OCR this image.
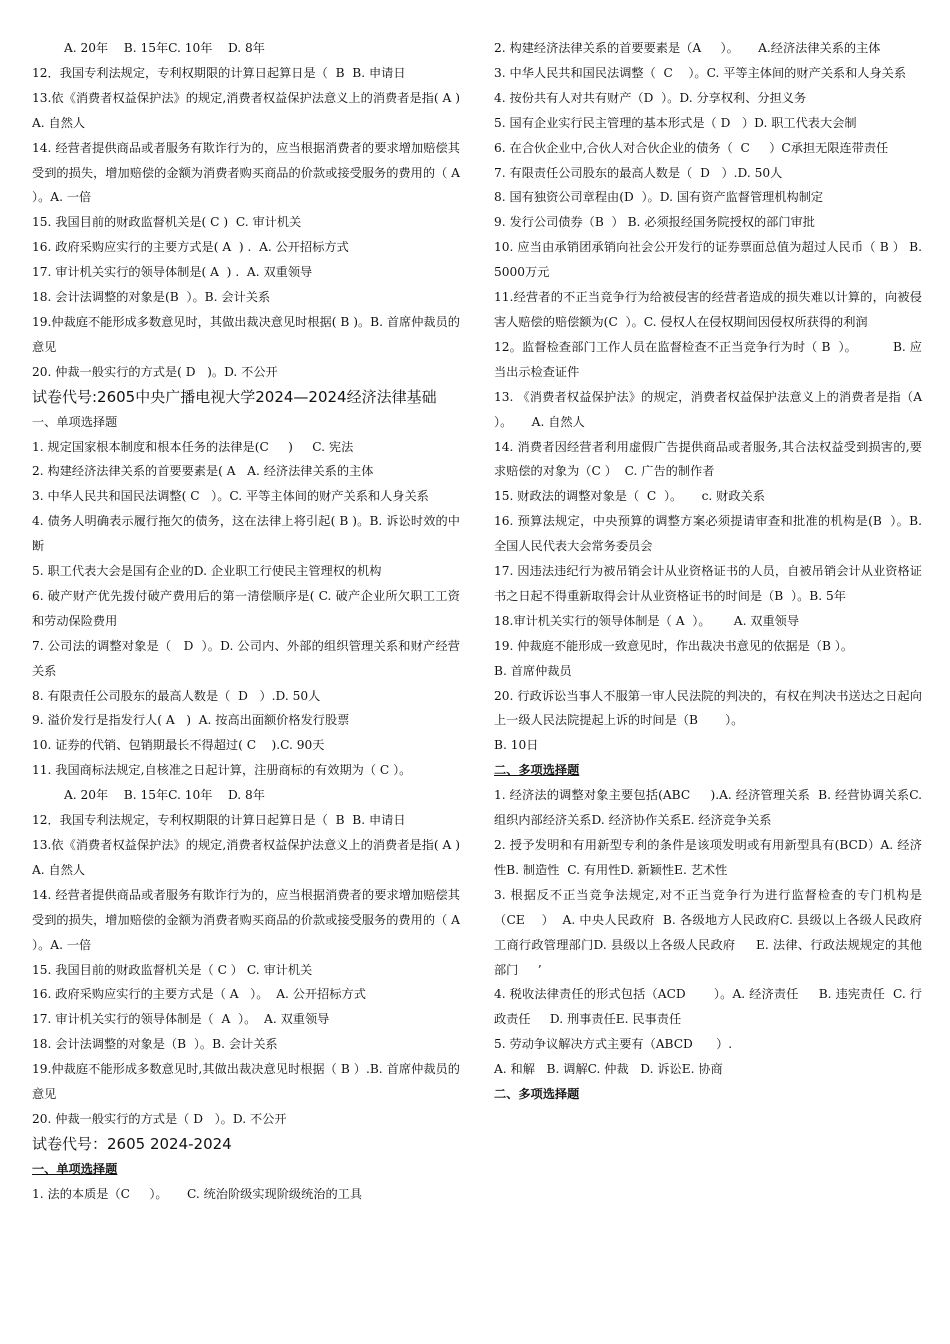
A. 20年    B. 15年C. 10年    D. 8年

12．我国专利法规定，专利权期限的计算日起算日是（  B  B. 申请日

13.依《消费者权益保护法》的规定,消费者权益保护法意义上的消费者是指( A ) A. 自然人

14. 经营者提供商品或者服务有欺诈行为的，应当根据消费者的要求增加赔偿其受到的损失，增加赔偿的金额为消费者购买商品的价款或接受服务的费用的（ A  ）。A. 一倍

15. 我国目前的财政监督机关是( C )  C. 审计机关

16. 政府采购应实行的主要方式是( A  ) .  A. 公开招标方式

17. 审计机关实行的领导体制是( A  ) .  A. 双重领导

18. 会计法调整的对象是(B  ）。B. 会计关系

19.仲裁庭不能形成多数意见时，其做出裁决意见时根据( B )。B. 首席仲裁员的意见

20. 仲裁一般实行的方式是( D   )。D. 不公开

试卷代号:2605中央广播电视大学2024—2024经济法律基础

一、单项选择题

1. 规定国家根本制度和根本任务的法律是(C     )     C. 宪法

2. 构建经济法律关系的首要要素是( A   A. 经济法律关系的主体

3. 中华人民共和国民法调整( C   ）。C. 平等主体间的财产关系和人身关系

4. 债务人明确表示履行拖欠的债务，这在法律上将引起( B )。B. 诉讼时效的中断

5. 职工代表大会是国有企业的D. 企业职工行使民主管理权的机构

6. 破产财产优先拨付破产费用后的第一清偿顺序是( C. 破产企业所欠职工工资和劳动保险费用

7. 公司法的调整对象是（   D  ）。D. 公司内、外部的组织管理关系和财产经营关系

8. 有限责任公司股东的最高人数是（  D   ）.D. 50人

9. 溢价发行是指发行人( A   )  A. 按高出面额价格发行股票

10. 证券的代销、包销期最长不得超过( C    ).C. 90天

11. 我国商标法规定,自核准之日起计算，注册商标的有效期为（ C ）。

A. 20年    B. 15年C. 10年    D. 8年

12．我国专利法规定，专利权期限的计算日起算日是（  B  B. 申请日

13.依《消费者权益保护法》的规定,消费者权益保护法意义上的消费者是指( A ) A. 自然人

14. 经营者提供商品或者服务有欺诈行为的，应当根据消费者的要求增加赔偿其受到的损失，增加赔偿的金额为消费者购买商品的价款或接受服务的费用的（ A  ）。A. 一倍

15. 我国目前的财政监督机关是（ C ） C. 审计机关

16. 政府采购应实行的主要方式是（ A   ）。  A. 公开招标方式

17. 审计机关实行的领导体制是（  A  ）。  A. 双重领导

18. 会计法调整的对象是（B  ）。B. 会计关系

19.仲裁庭不能形成多数意见时,其做出裁决意见时根据（ B ）.B. 首席仲裁员的意见

20. 仲裁一般实行的方式是（ D   ）。D. 不公开

试卷代号：2605 2024-2024

一、单项选择题

1. 法的本质是（C     ）。     C. 统治阶级实现阶级统治的工具

2. 构建经济法律关系的首要要素是（A     ）。     A.经济法律关系的主体

3. 中华人民共和国民法调整（  C    ）。C. 平等主体间的财产关系和人身关系

4. 按份共有人对共有财产（D  ）。D. 分享权利、分担义务

5. 国有企业实行民主管理的基本形式是（ D   ）D. 职工代表大会制

6. 在合伙企业中,合伙人对合伙企业的债务（  C     ）C承担无限连带责任

7. 有限责任公司股东的最高人数是（  D   ）.D. 50人

8. 国有独资公司章程由(D  ）。D. 国有资产监督管理机构制定

9. 发行公司债券（B  ） B. 必须报经国务院授权的部门审批

10. 应当由承销团承销向社会公开发行的证券票面总值为超过人民币（ B ） B. 5000万元

11.经营者的不正当竞争行为给被侵害的经营者造成的损失难以计算的，向被侵害人赔偿的赔偿额为(C  ）。C. 侵权人在侵权期间因侵权所获得的利润

12。监督检查部门工作人员在监督检查不正当竞争行为时（ B  ）。         B. 应当出示检查证件

13. 《消费者权益保护法》的规定，消费者权益保护法意义上的消费者是指（A  ）。     A. 自然人

14. 消费者因经营者利用虚假广告提供商品或者服务,其合法权益受到损害的,要求赔偿的对象为（C ）  C. 广告的制作者

15. 财政法的调整对象是（  C  ）。     c. 财政关系

16. 预算法规定，中央预算的调整方案必须提请审查和批准的机构是(B  ）。B. 全国人民代表大会常务委员会

17. 因违法违纪行为被吊销会计从业资格证书的人员，自被吊销会计从业资格证书之日起不得重新取得会计从业资格证书的时间是（B  ）。B. 5年

18.审计机关实行的领导体制是（ A  ）。      A. 双重领导

19. 仲裁庭不能形成一致意见时，作出裁决书意见的依据是（B ）。

B. 首席仲裁员

20. 行政诉讼当事人不服第一审人民法院的判决的，有权在判决书送达之日起向上一级人民法院提起上诉的时间是（B       ）。

B. 10日

二、多项选择题

1. 经济法的调整对象主要包括(ABC     ).A. 经济管理关系  B. 经营协调关系C. 组织内部经济关系D. 经济协作关系E. 经济竞争关系

2. 授予发明和有用新型专利的条件是该项发明或有用新型具有(BCD）A. 经济性B. 制造性  C. 有用性D. 新颖性E. 艺术性

3. 根据反不正当竞争法规定,对不正当竞争行为进行监督检查的专门机构是     （CE    ）  A. 中央人民政府  B. 各级地方人民政府C. 县级以上各级人民政府工商行政管理部门D. 县级以上各级人民政府     E. 法律、行政法规规定的其他部门     ’

4. 税收法律责任的形式包括（ACD       ）。A. 经济责任     B. 违宪责任  C. 行政责任     D. 刑事责任E. 民事责任

5. 劳动争议解决方式主要有（ABCD      ）.

A. 和解   B. 调解C. 仲裁   D. 诉讼E. 协商

二、多项选择题
